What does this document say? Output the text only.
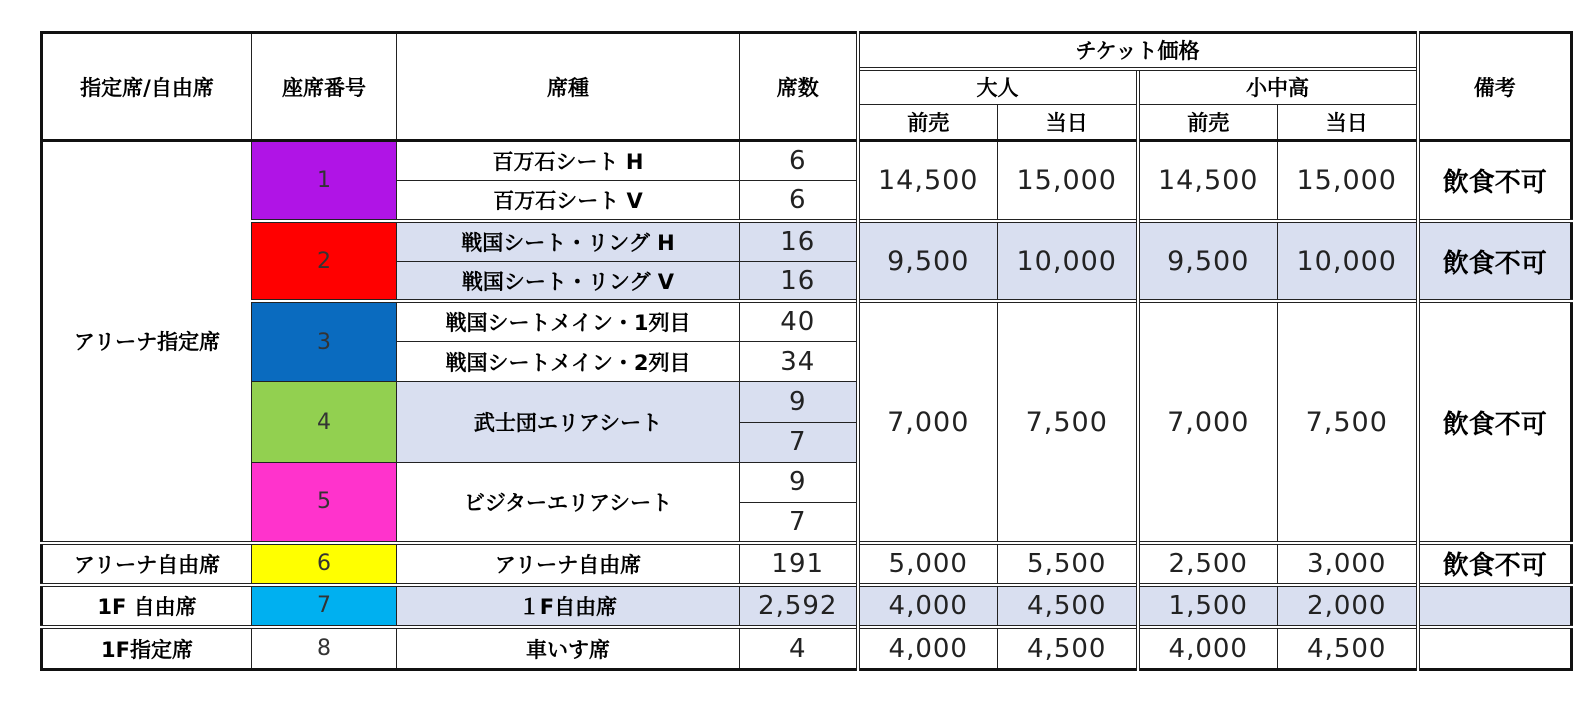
指定席/自由席	座席番号	席種	席数	チケット価格				備考
				大人		小中高		
				前売	当日	前売	当日	
アリーナ指定席	1	百万石シート H	6	14,500	15,000	14,500	15,000	飲食不可
		百万石シート V	6					
	2	戦国シート・リング H	16	9,500	10,000	9,500	10,000	飲食不可
		戦国シート・リング V	16					
	3	戦国シートメイン・1列目	40	7,000	7,500	7,000	7,500	飲食不可
		戦国シートメイン・2列目	34					
	4	武士団エリアシート	9					
			7					
	5	ビジターエリアシート	9					
			7					
アリーナ自由席	6	アリーナ自由席	191	5,000	5,500	2,500	3,000	飲食不可
1F 自由席	7	１F自由席	2,592	4,000	4,500	1,500	2,000	
1F指定席	8	車いす席	4	4,000	4,500	4,000	4,500	
